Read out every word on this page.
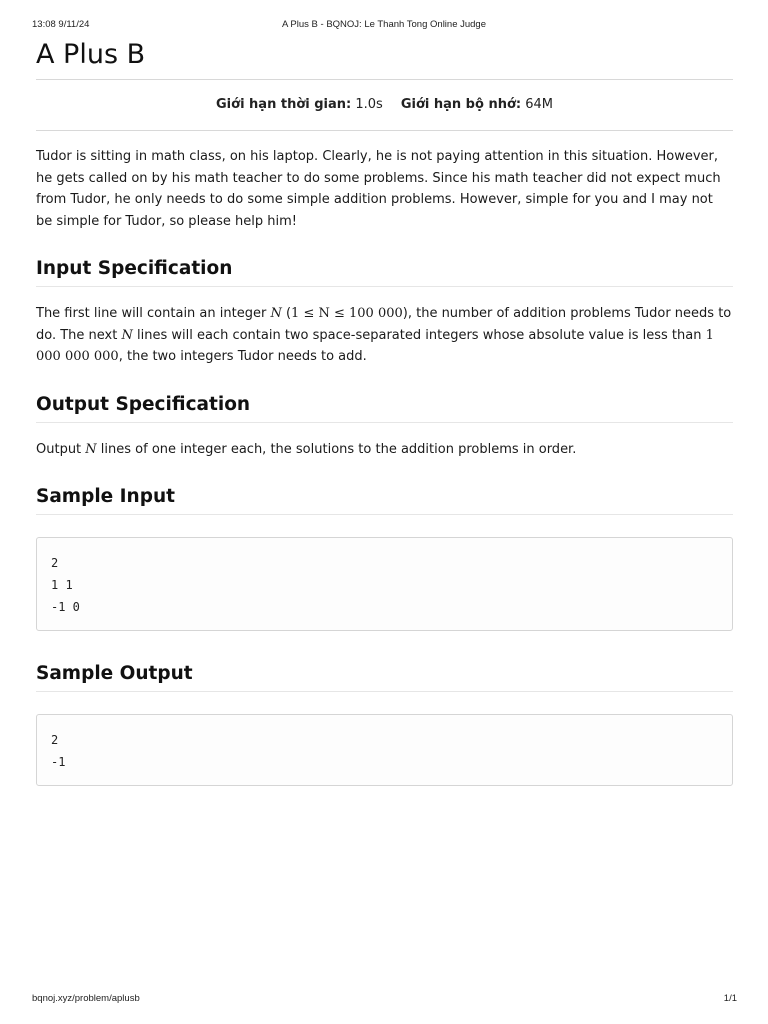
13:08 9/11/24	A Plus B - BQNOJ: Le Thanh Tong Online Judge
A Plus B
Giới hạn thời gian: 1.0s Giới hạn bộ nhớ: 64M

Tudor is sitting in math class, on his laptop. Clearly, he is not paying attention in this situation. However, he gets called on by his math teacher to do some problems. Since his math teacher did not expect much from Tudor, he only needs to do some simple addition problems. However, simple for you and I may not be simple for Tudor, so please help him!

Input Specification

The first line will contain an integer N (1 ≤ N ≤ 100 000), the number of addition problems Tudor needs to do. The next N lines will each contain two space-separated integers whose absolute value is less than 1 000 000 000, the two integers Tudor needs to add.

Output Specification

Output N lines of one integer each, the solutions to the addition problems in order.

Sample Input
2
1 1
-1 0
Sample Output
2
-1
bqnoj.xyz/problem/aplusb	1/1
